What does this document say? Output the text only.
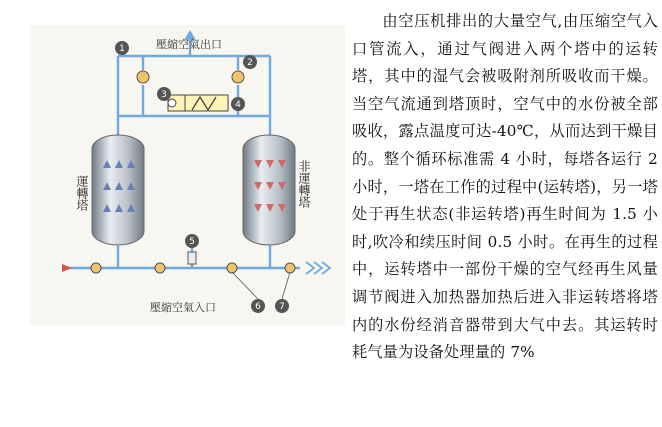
運轉塔	非運轉塔
1
2
3
4
5
6 7
壓縮空氣出口
壓縮空氣入口

由空压机排出的大量空气,由压缩空气入口管流入，通过气阀进入两个塔中的运转塔，其中的湿气会被吸附剂所吸收而干燥。当空气流通到塔顶时，空气中的水份被全部吸收，露点温度可达-40℃，从而达到干燥目的。整个循环标准需 4 小时，每塔各运行 2 小时，一塔在工作的过程中(运转塔)，另一塔处于再生状态(非运转塔)再生时间为 1.5 小时,吹冷和续压时间 0.5 小时。在再生的过程中，运转塔中一部份干燥的空气经再生风量调节阀进入加热器加热后进入非运转塔将塔内的水份经消音器带到大气中去。其运转时耗气量为设备处理量的 7%
